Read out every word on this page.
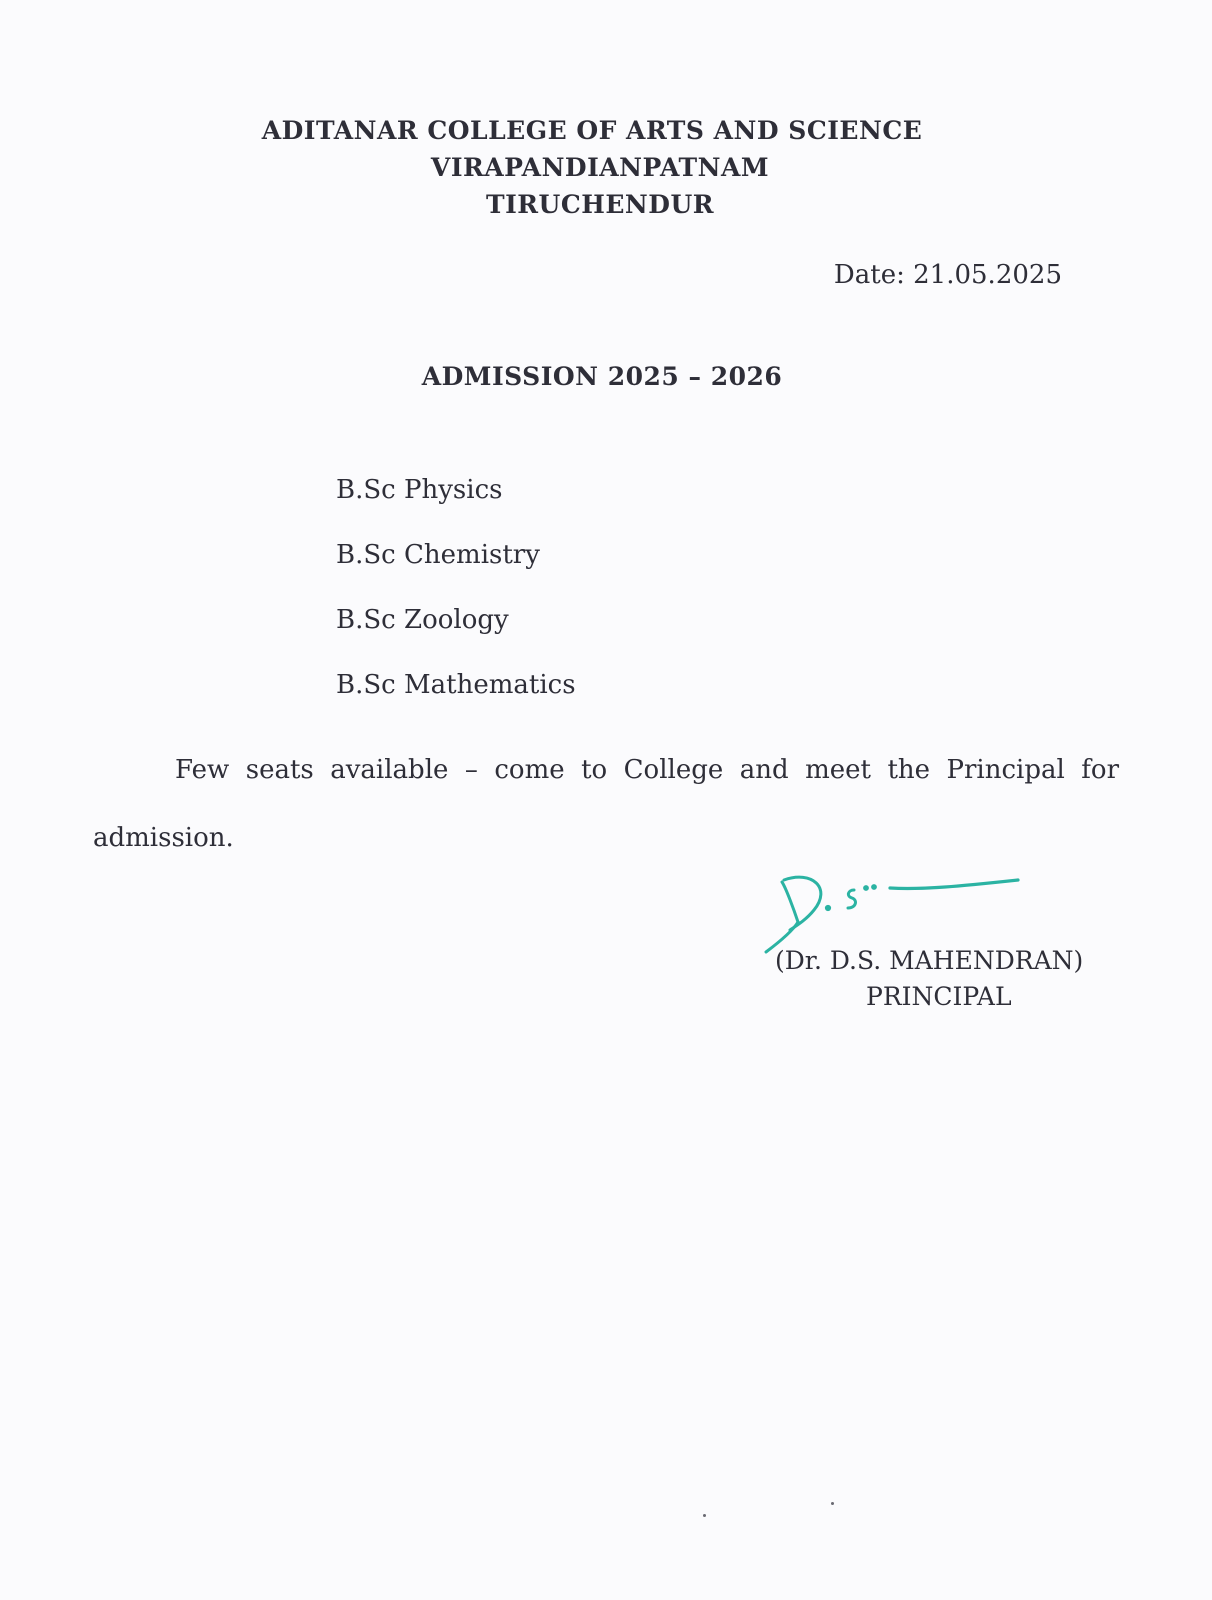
ADITANAR COLLEGE OF ARTS AND SCIENCE
VIRAPANDIANPATNAM
TIRUCHENDUR
Date: 21.05.2025
ADMISSION 2025 – 2026
B.Sc Physics
B.Sc Chemistry
B.Sc Zoology
B.Sc Mathematics

Few seats available – come to College and meet the Principal for admission.

(Dr. D.S. MAHENDRAN)
PRINCIPAL
